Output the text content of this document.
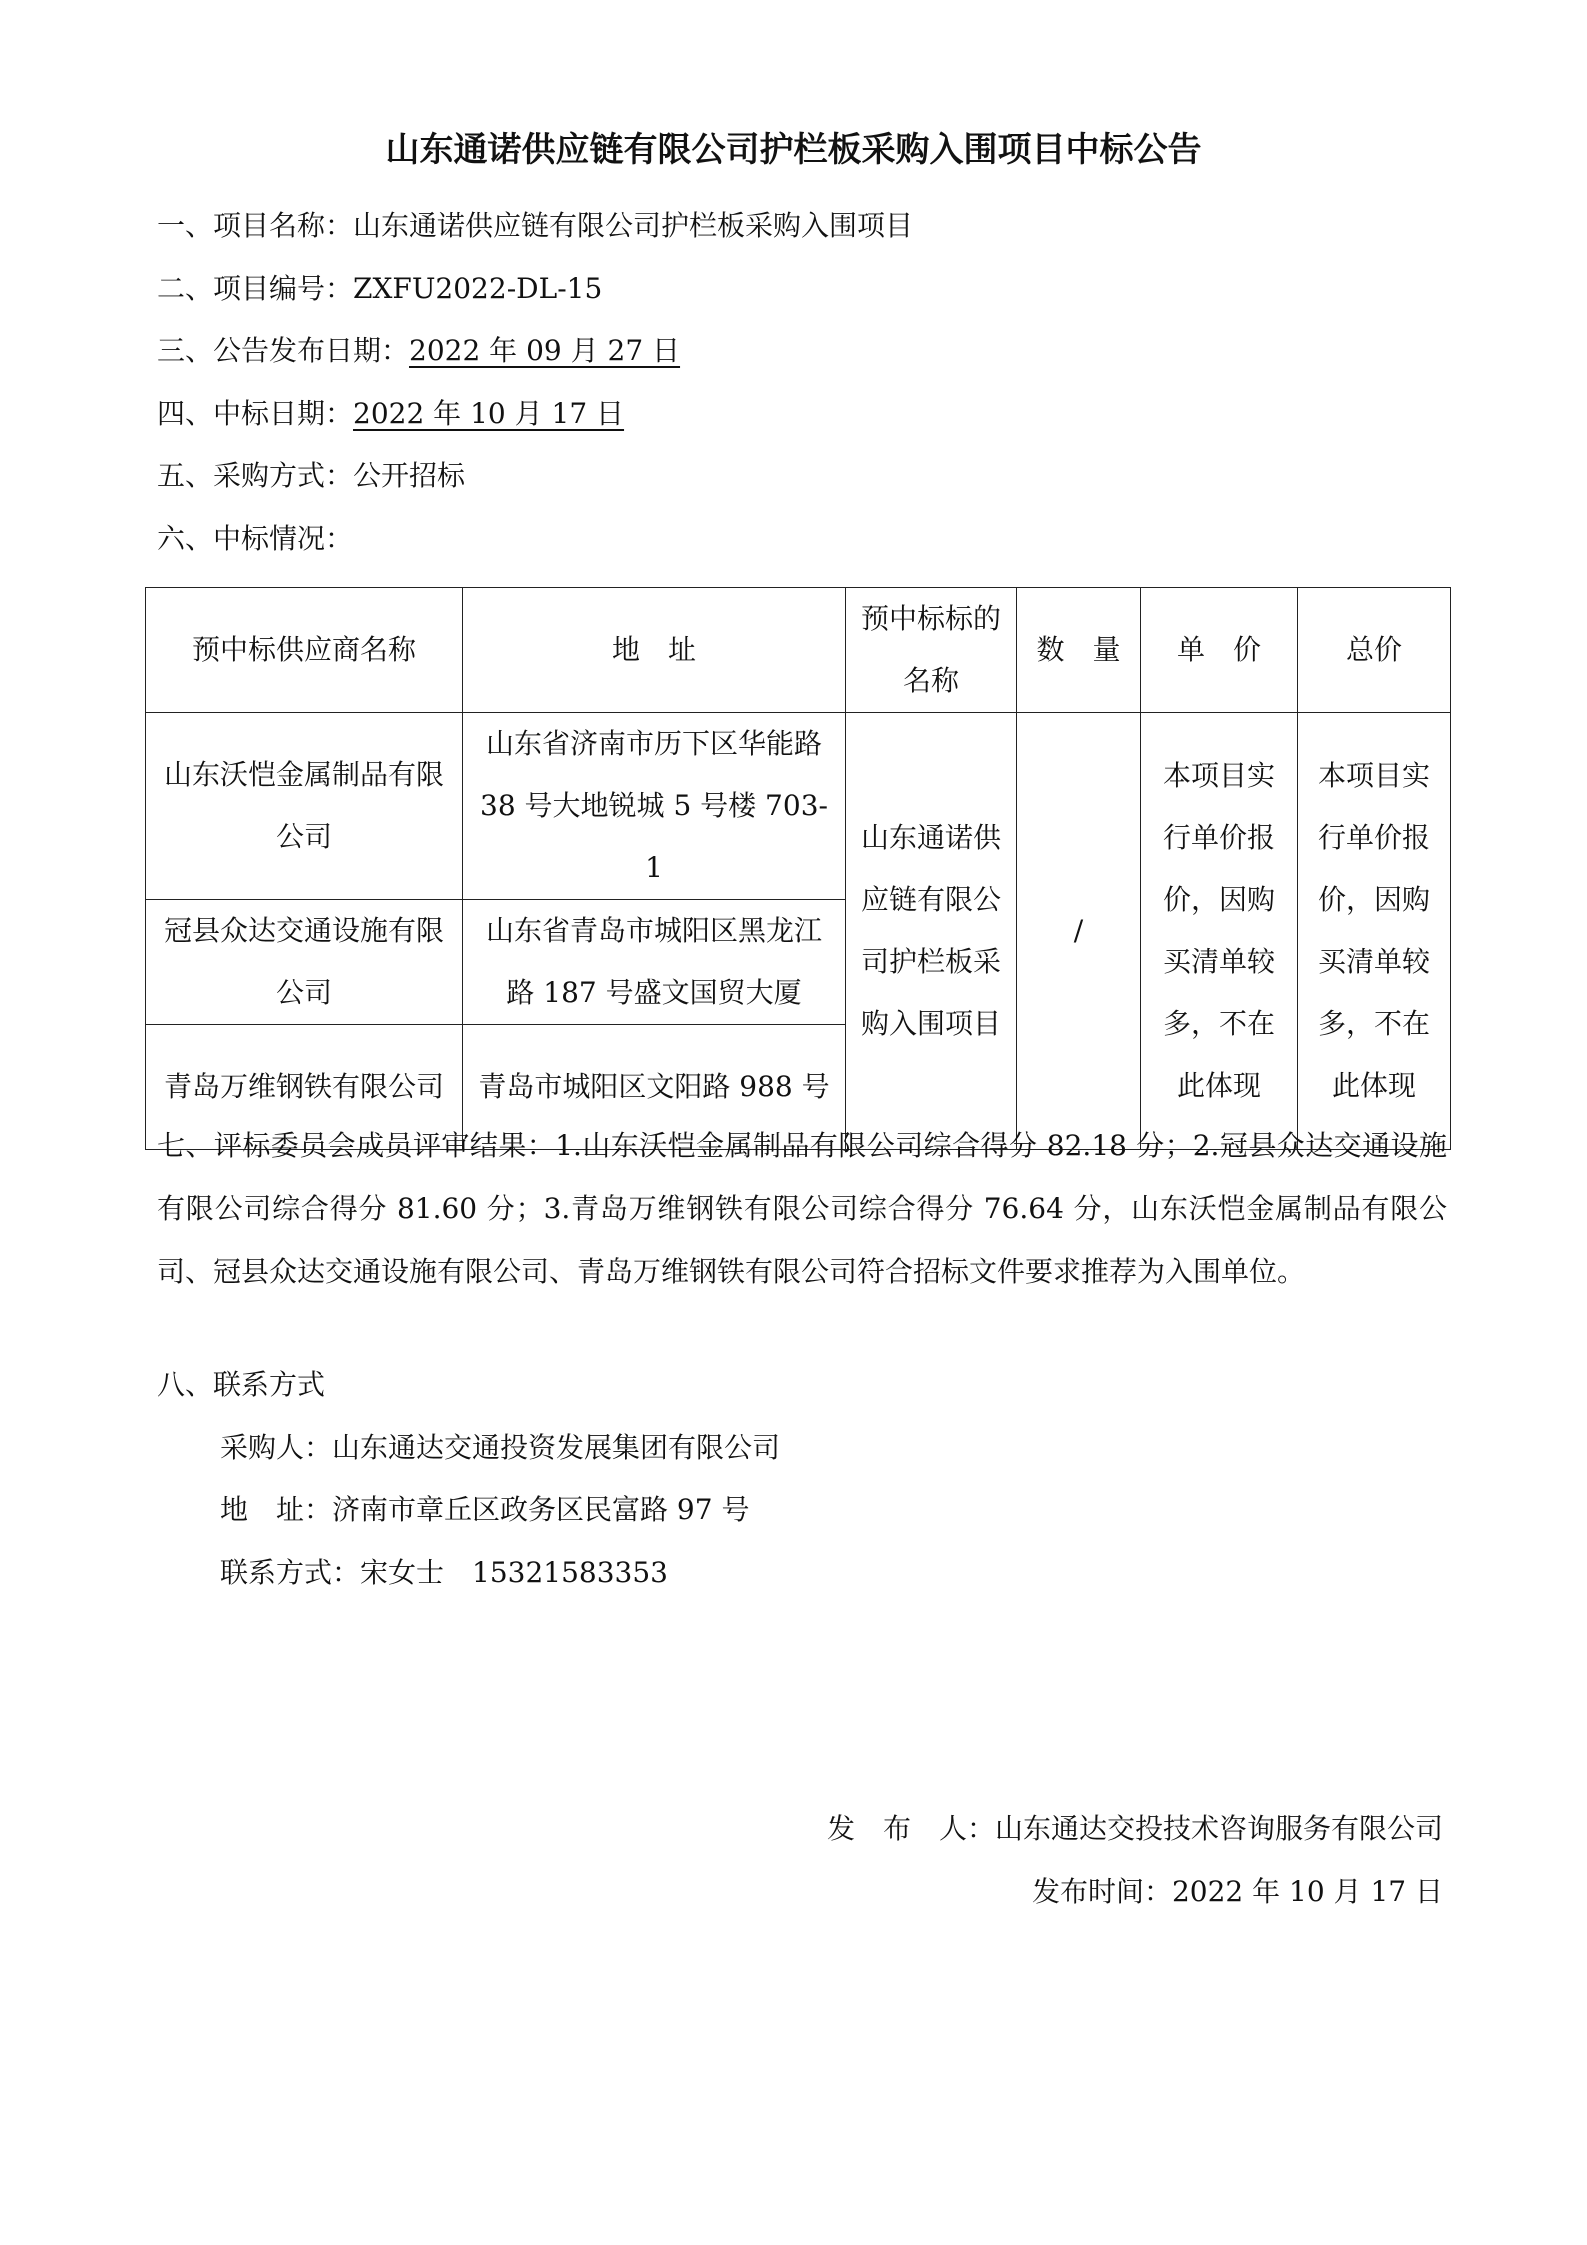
山东通诺供应链有限公司护栏板采购入围项目中标公告
一、项目名称：山东通诺供应链有限公司护栏板采购入围项目
二、项目编号：ZXFU2022-DL-15
三、公告发布日期：2022 年 09 月 27 日
四、中标日期：2022 年 10 月 17 日
五、采购方式：公开招标
六、中标情况：
预中标供应商名称	地　址	预中标标的名称	数　量	单　价	总价
山东沃恺金属制品有限公司	山东省济南市历下区华能路38 号大地锐城 5 号楼 703-1	山东通诺供应链有限公司护栏板采购入围项目	/	本项目实行单价报价，因购买清单较多，不在此体现	本项目实行单价报价，因购买清单较多，不在此体现
冠县众达交通设施有限公司	山东省青岛市城阳区黑龙江路 187 号盛文国贸大厦				
青岛万维钢铁有限公司	青岛市城阳区文阳路 988 号				
七、评标委员会成员评审结果：1.山东沃恺金属制品有限公司综合得分 82.18 分；2.冠县众达交通设施有限公司综合得分 81.60 分；3.青岛万维钢铁有限公司综合得分 76.64 分，山东沃恺金属制品有限公司、冠县众达交通设施有限公司、青岛万维钢铁有限公司符合招标文件要求推荐为入围单位。
八、联系方式
采购人：山东通达交通投资发展集团有限公司
地　址：济南市章丘区政务区民富路 97 号
联系方式：宋女士　15321583353
发　布　人：山东通达交投技术咨询服务有限公司
发布时间：2022 年 10 月 17 日
